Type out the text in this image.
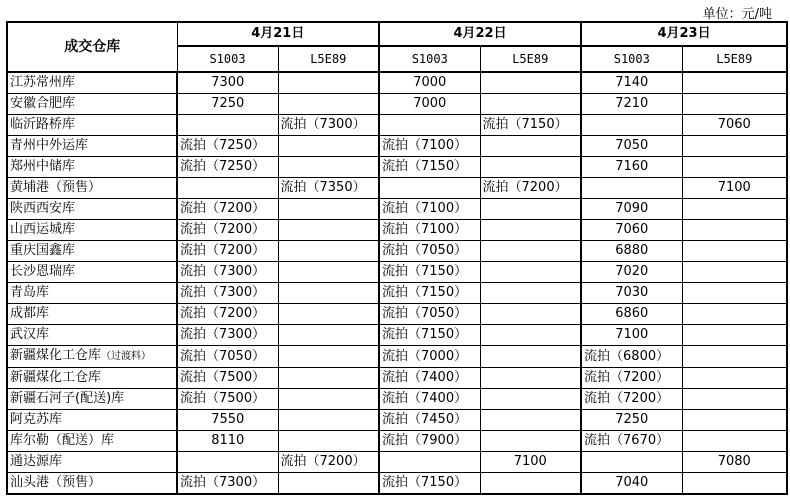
单位：元/吨
成交仓库	4月21日		4月22日		4月23日	
	S1003	L5E89	S1003	L5E89	S1003	L5E89
江苏常州库	7300		7000		7140	
安徽合肥库	7250		7000		7210	
临沂路桥库		流拍（7300）		流拍（7150）		7060
青州中外运库	流拍（7250）		流拍（7100）		7050	
郑州中储库	流拍（7250）		流拍（7150）		7160	
黄埔港（预售）		流拍（7350）		流拍（7200）		7100
陕西西安库	流拍（7200）		流拍（7100）		7090	
山西运城库	流拍（7200）		流拍（7100）		7060	
重庆国鑫库	流拍（7200）		流拍（7050）		6880	
长沙恩瑞库	流拍（7300）		流拍（7150）		7020	
青岛库	流拍（7300）		流拍（7150）		7030	
成都库	流拍（7200）		流拍（7050）		6860	
武汉库	流拍（7300）		流拍（7150）		7100	
新疆煤化工仓库（过渡料）	流拍（7050）		流拍（7000）		流拍（6800）	
新疆煤化工仓库	流拍（7500）		流拍（7400）		流拍（7200）	
新疆石河子(配送)库	流拍（7500）		流拍（7400）		流拍（7200）	
阿克苏库	7550		流拍（7450）		7250	
库尔勒（配送）库	8110		流拍（7900）		流拍（7670）	
通达源库		流拍（7200）		7100		7080
汕头港（预售）	流拍（7300）		流拍（7150）		7040	
